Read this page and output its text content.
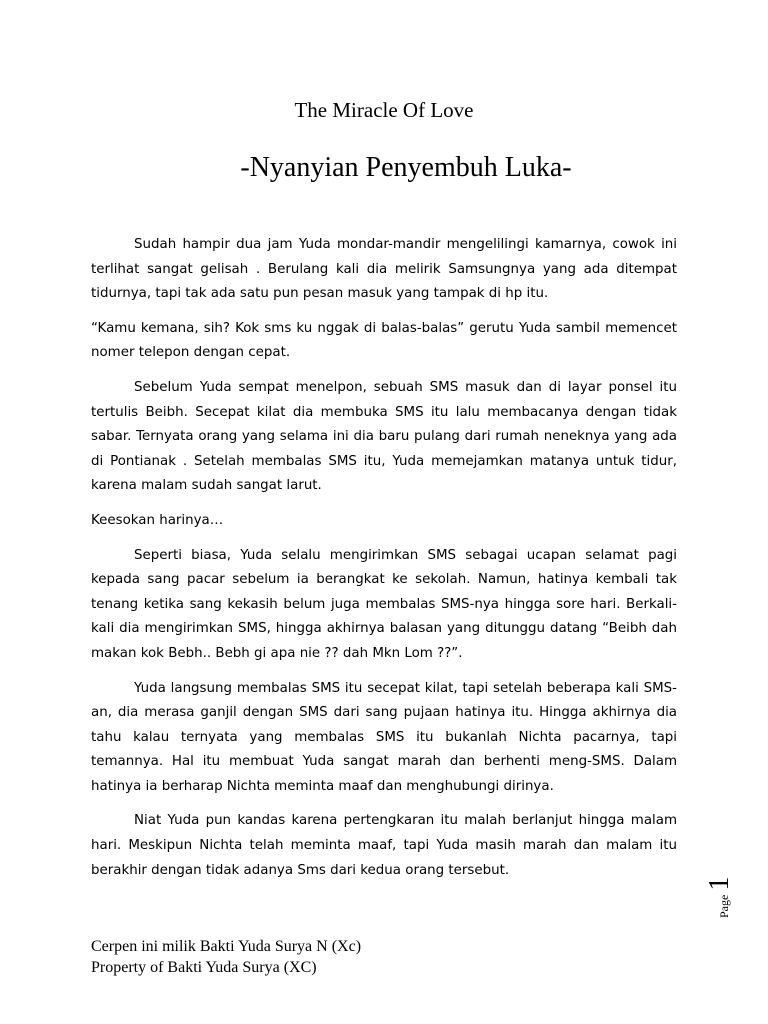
The Miracle Of Love
-Nyanyian Penyembuh Luka-

Sudah hampir dua jam Yuda mondar-mandir mengelilingi kamarnya, cowok ini terlihat sangat gelisah . Berulang kali dia melirik Samsungnya yang ada ditempat tidurnya, tapi tak ada satu pun pesan masuk yang tampak di hp itu.

“Kamu kemana, sih? Kok sms ku nggak di balas-balas” gerutu Yuda sambil memencet nomer telepon dengan cepat.

Sebelum Yuda sempat menelpon, sebuah SMS masuk dan di layar ponsel itu tertulis Beibh. Secepat kilat dia membuka SMS itu lalu membacanya dengan tidak sabar. Ternyata orang yang selama ini dia baru pulang dari rumah neneknya yang ada di Pontianak . Setelah membalas SMS itu, Yuda memejamkan matanya untuk tidur, karena malam sudah sangat larut.

Keesokan harinya…

Seperti biasa, Yuda selalu mengirimkan SMS sebagai ucapan selamat pagi kepada sang pacar sebelum ia berangkat ke sekolah. Namun, hatinya kembali tak tenang ketika sang kekasih belum juga membalas SMS-nya hingga sore hari. Berkali-kali dia mengirimkan SMS, hingga akhirnya balasan yang ditunggu datang “Beibh dah makan kok Bebh.. Bebh gi apa nie ?? dah Mkn Lom ??”.

Yuda langsung membalas SMS itu secepat kilat, tapi setelah beberapa kali SMS-an, dia merasa ganjil dengan SMS dari sang pujaan hatinya itu. Hingga akhirnya dia tahu kalau ternyata yang membalas SMS itu bukanlah Nichta pacarnya, tapi temannya. Hal itu membuat Yuda sangat marah dan berhenti meng-SMS. Dalam hatinya ia berharap Nichta meminta maaf dan menghubungi dirinya.

Niat Yuda pun kandas karena pertengkaran itu malah berlanjut hingga malam hari. Meskipun Nichta telah meminta maaf, tapi Yuda masih marah dan malam itu berakhir dengan tidak adanya Sms dari kedua orang tersebut.

Page 1
Cerpen ini milik Bakti Yuda Surya N (Xc)
Property of Bakti Yuda Surya (XC)
